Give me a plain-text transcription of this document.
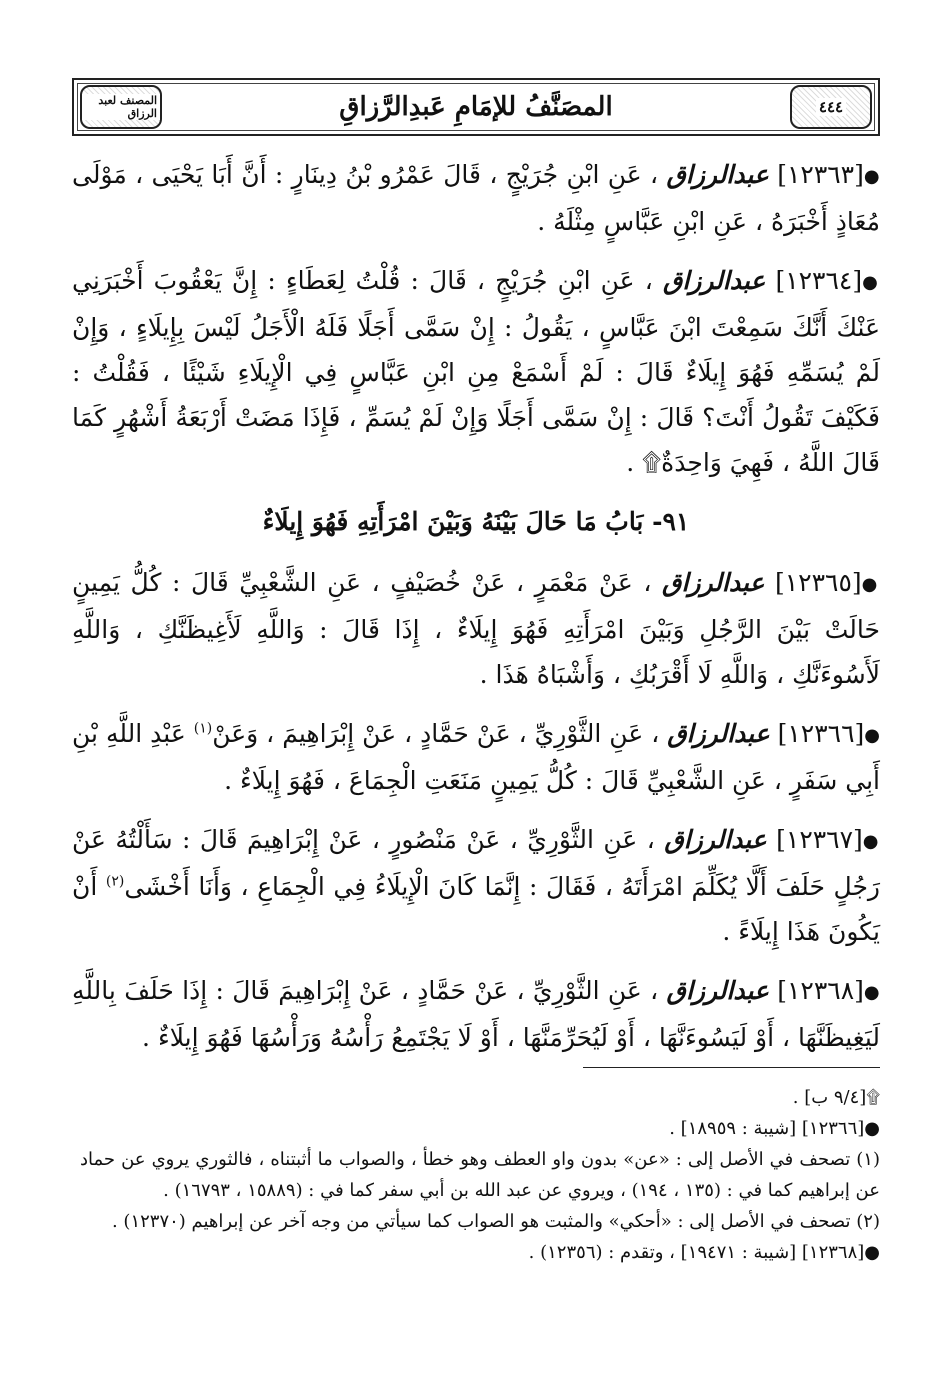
٤٤٤
المصَنَّفُ للإمَامِ عَبدِالرَّزاقِ
المصنف لعبد الرزاق

●[١٢٣٦٣] عبدالرزاق ، عَنِ ابْنِ جُرَيْجٍ ، قَالَ عَمْرُو بْنُ دِينَارٍ : أَنَّ أَبَا يَحْيَى ، مَوْلَى مُعَاذٍ أَخْبَرَهُ ، عَنِ ابْنِ عَبَّاسٍ مِثْلَهُ .

●[١٢٣٦٤] عبدالرزاق ، عَنِ ابْنِ جُرَيْجٍ ، قَالَ : قُلْتُ لِعَطَاءٍ : إِنَّ يَعْقُوبَ أَخْبَرَنِي عَنْكَ أَنَّكَ سَمِعْتَ ابْنَ عَبَّاسٍ ، يَقُولُ : إِنْ سَمَّى أَجَلًا فَلَهُ الْأَجَلُ لَيْسَ بِإِيلَاءٍ ، وَإِنْ لَمْ يُسَمِّهِ فَهُوَ إِيلَاءٌ قَالَ : لَمْ أَسْمَعْ مِنِ ابْنِ عَبَّاسٍ فِي الْإِيلَاءِ شَيْئًا ، فَقُلْتُ : فَكَيْفَ تَقُولُ أَنْتَ؟ قَالَ : إِنْ سَمَّى أَجَلًا وَإِنْ لَمْ يُسَمِّ ، فَإِذَا مَضَتْ أَرْبَعَةُ أَشْهُرٍ كَمَا قَالَ اللَّهُ ، فَهِيَ وَاحِدَةٌ۩ .

٩١- بَابُ مَا حَالَ بَيْنَهُ وَبَيْنَ امْرَأَتِهِ فَهُوَ إِيلَاءٌ

●[١٢٣٦٥] عبدالرزاق ، عَنْ مَعْمَرٍ ، عَنْ خُصَيْفٍ ، عَنِ الشَّعْبِيِّ قَالَ : كُلُّ يَمِينٍ حَالَتْ بَيْنَ الرَّجُلِ وَبَيْنَ امْرَأَتِهِ فَهُوَ إِيلَاءٌ ، إِذَا قَالَ : وَاللَّهِ لَأَغِيظَنَّكِ ، وَاللَّهِ لَأَسُوءَنَّكِ ، وَاللَّهِ لَا أَقْرَبُكِ ، وَأَشْبَاهُ هَذَا .

●[١٢٣٦٦] عبدالرزاق ، عَنِ الثَّوْرِيِّ ، عَنْ حَمَّادٍ ، عَنْ إِبْرَاهِيمَ ، وَعَنْ$^{(١)}$ عَبْدِ اللَّهِ بْنِ أَبِي سَفَرٍ ، عَنِ الشَّعْبِيِّ قَالَ : كُلُّ يَمِينٍ مَنَعَتِ الْجِمَاعَ ، فَهُوَ إِيلَاءٌ .

●[١٢٣٦٧] عبدالرزاق ، عَنِ الثَّوْرِيِّ ، عَنْ مَنْصُورٍ ، عَنْ إِبْرَاهِيمَ قَالَ : سَأَلْتُهُ عَنْ رَجُلٍ حَلَفَ أَلَّا يُكَلِّمَ امْرَأَتَهُ ، فَقَالَ : إِنَّمَا كَانَ الْإِيلَاءُ فِي الْجِمَاعِ ، وَأَنَا أَخْشَى$^{(٢)}$ أَنْ يَكُونَ هَذَا إِيلَاءً .

●[١٢٣٦٨] عبدالرزاق ، عَنِ الثَّوْرِيِّ ، عَنْ حَمَّادٍ ، عَنْ إِبْرَاهِيمَ قَالَ : إِذَا حَلَفَ بِاللَّهِ لَيَغِيظَنَّهَا ، أَوْ لَيَسُوءَنَّهَا ، أَوْ لَيُحَرِّمَنَّهَا ، أَوْ لَا يَجْتَمِعُ رَأْسُهُ وَرَأْسُهَا فَهُوَ إِيلَاءٌ .

۩[٩/٤ ب] .

●[١٢٣٦٦] [شيبة : ١٨٩٥٩] .

(١) تصحف في الأصل إلى : «عن» بدون واو العطف وهو خطأ ، والصواب ما أثبتناه ، فالثوري يروي عن حماد عن إبراهيم كما في : (١٣٥ ، ١٩٤) ، ويروي عن عبد الله بن أبي سفر كما في : (١٥٨٨٩ ، ١٦٧٩٣) .

(٢) تصحف في الأصل إلى : «أحكي» والمثبت هو الصواب كما سيأتي من وجه آخر عن إبراهيم (١٢٣٧٠) .

●[١٢٣٦٨] [شيبة : ١٩٤٧١] ، وتقدم : (١٢٣٥٦) .
